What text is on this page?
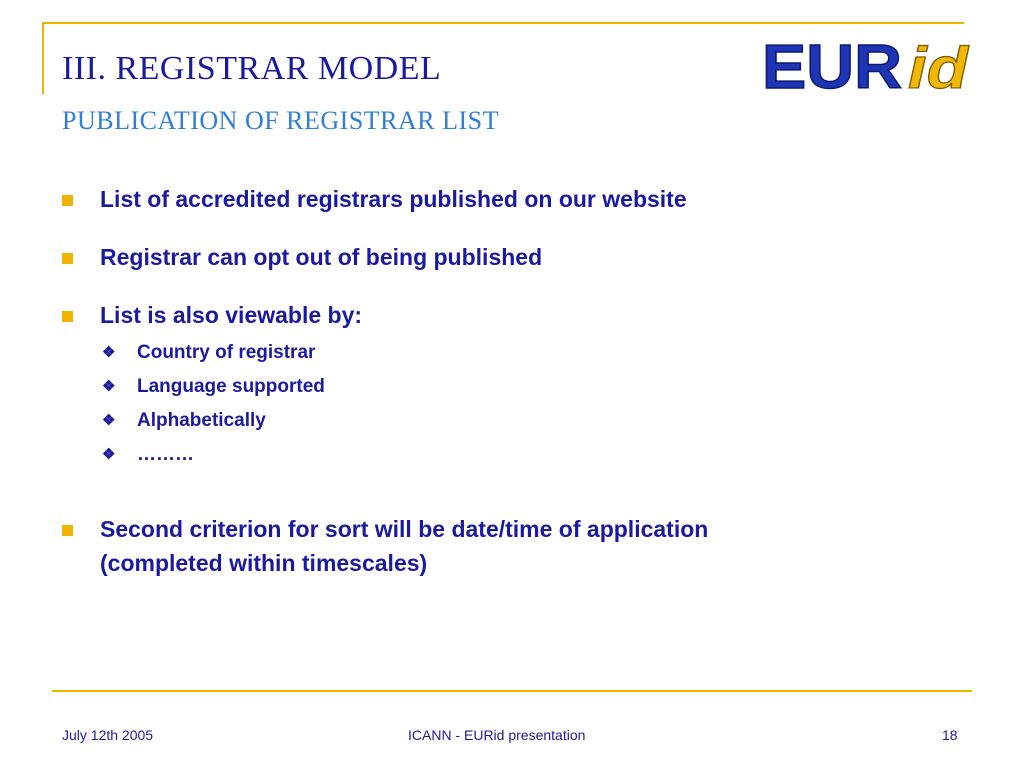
III. REGISTRAR MODEL
PUBLICATION OF REGISTRAR LIST
EUR id
List of accredited registrars published on our website
Registrar can opt out of being published
List is also viewable by:
❖ Country of registrar
❖ Language supported
❖ Alphabetically
❖ ………
Second criterion for sort will be date/time of application
(completed within timescales)
July 12th 2005	ICANN - EURid presentation	18
